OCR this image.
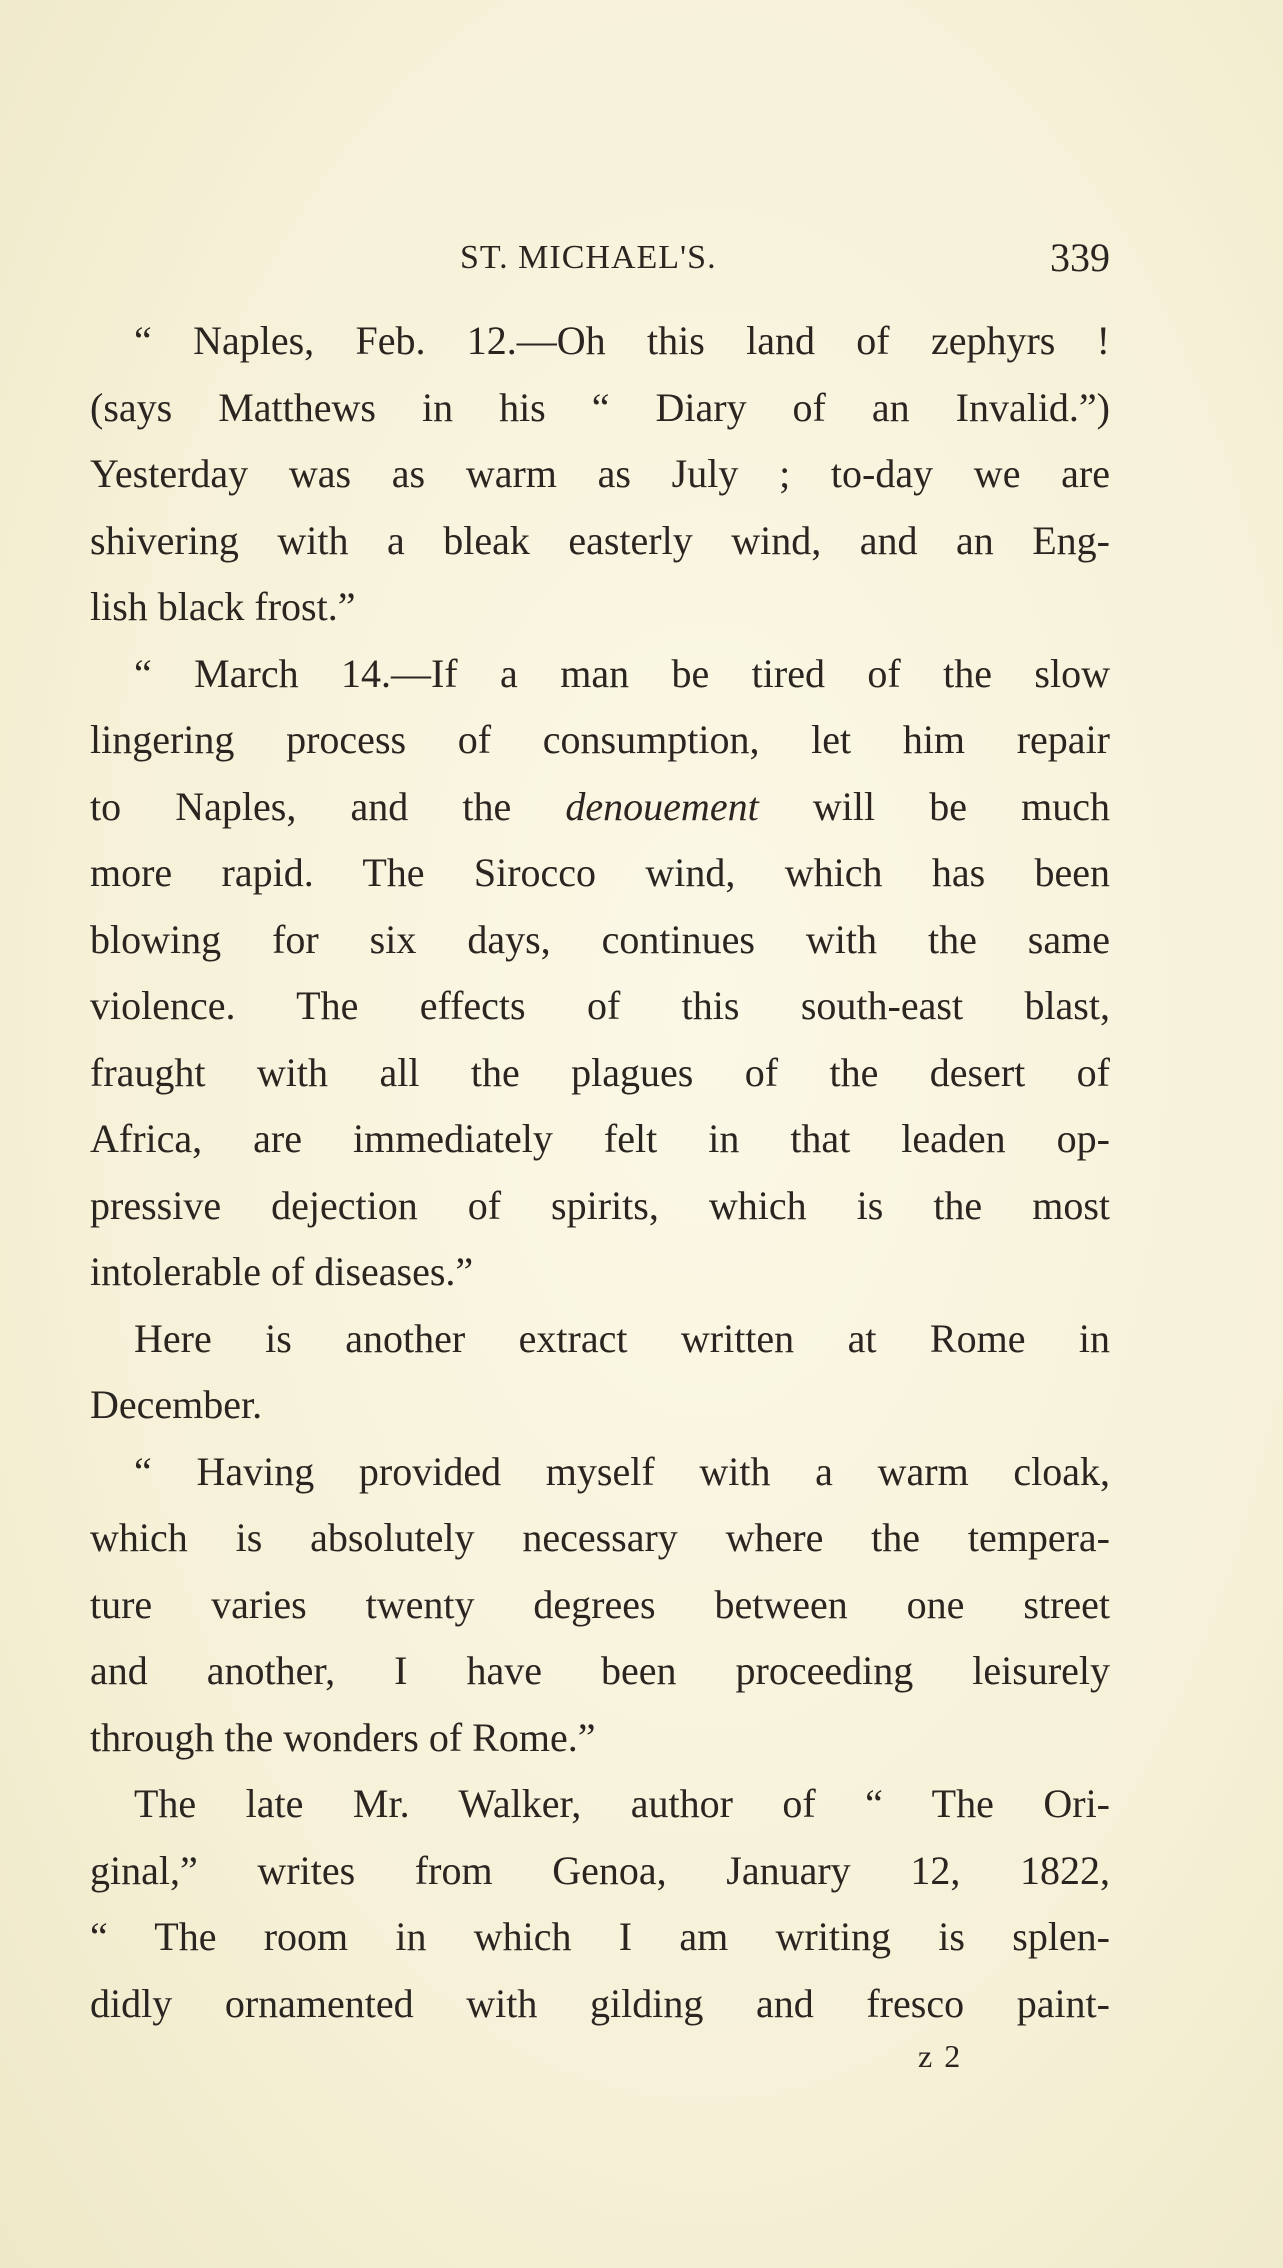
ST. MICHAEL'S.	339
“ Naples, Feb. 12.—Oh this land of zephyrs !
(says Matthews in his “ Diary of an Invalid.”)
Yesterday was as warm as July ; to-day we are
shivering with a bleak easterly wind, and an Eng-
lish black frost.”
“ March 14.—If a man be tired of the slow
lingering process of consumption, let him repair
to Naples, and the denouement will be much
more rapid. The Sirocco wind, which has been
blowing for six days, continues with the same
violence. The effects of this south-east blast,
fraught with all the plagues of the desert of
Africa, are immediately felt in that leaden op-
pressive dejection of spirits, which is the most
intolerable of diseases.”
Here is another extract written at Rome in
December.
“ Having provided myself with a warm cloak,
which is absolutely necessary where the tempera-
ture varies twenty degrees between one street
and another, I have been proceeding leisurely
through the wonders of Rome.”
The late Mr. Walker, author of “ The Ori-
ginal,” writes from Genoa, January 12, 1822,
“ The room in which I am writing is splen-
didly ornamented with gilding and fresco paint-
z 2
